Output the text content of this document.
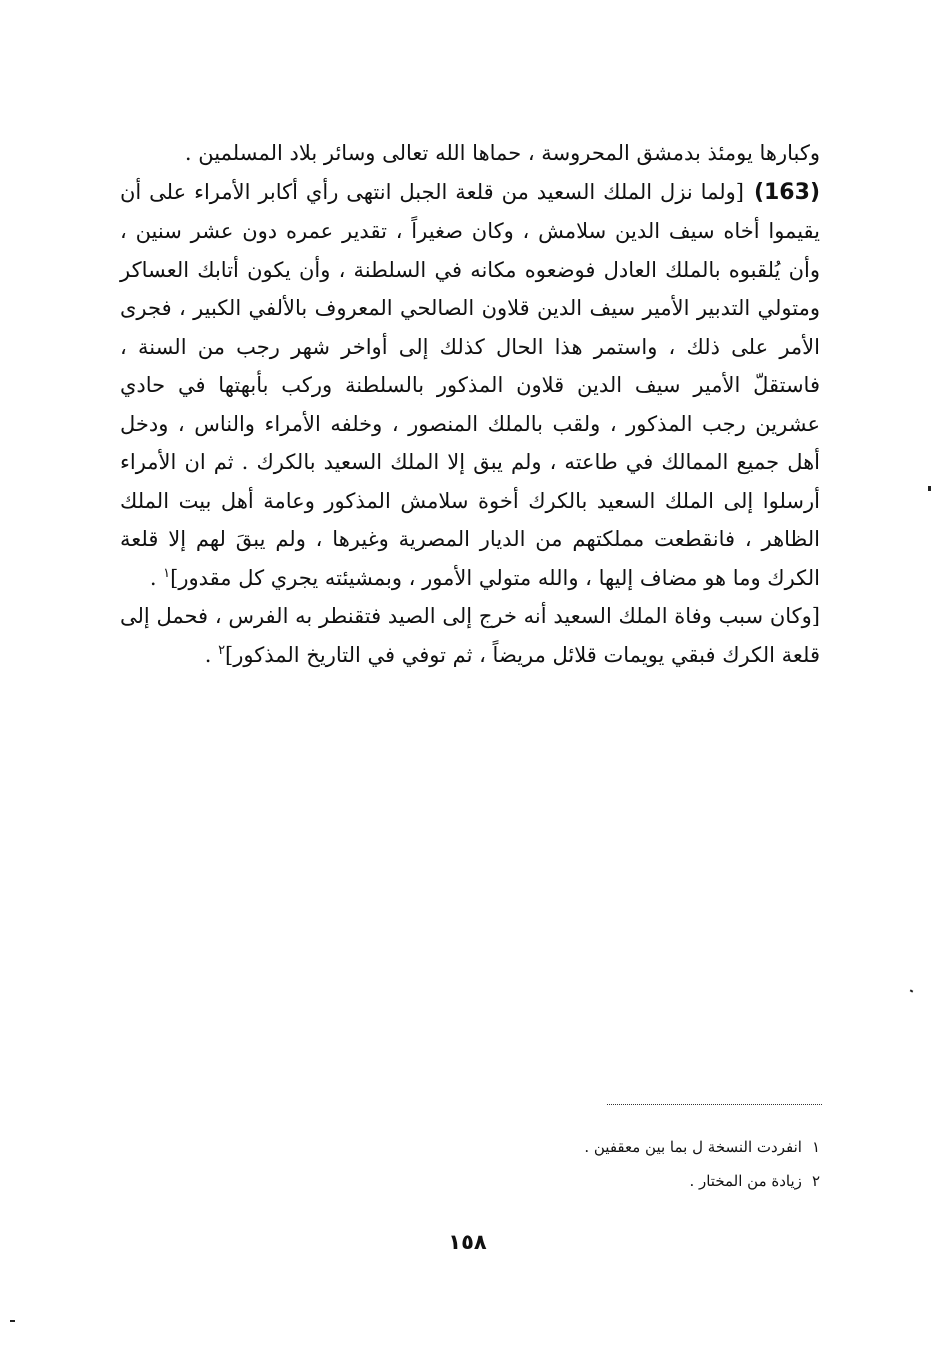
وكبارها يومئذ بدمشق المحروسة ، حماها الله تعالى وسائر بلاد المسلمين .

(163)[ولما نزل الملك السعيد من قلعة الجبل انتهى رأي أكابر الأمراء على أن يقيموا أخاه سيف الدين سلامش ، وكان صغيراً ، تقدير عمره دون عشر سنين ، وأن يُلقبوه بالملك العادل فوضعوه مكانه في السلطنة ، وأن يكون أتابك العساكر ومتولي التدبير الأمير سيف الدين قلاون الصالحي المعروف بالألفي الكبير ، فجرى الأمر على ذلك ، واستمر هذا الحال كذلك إلى أواخر شهر رجب من السنة ، فاستقلّ الأمير سيف الدين قلاون المذكور بالسلطنة وركب بأبهتها في حادي عشرين رجب المذكور ، ولقب بالملك المنصور ، وخلفه الأمراء والناس ، ودخل أهل جميع الممالك في طاعته ، ولم يبق إلا الملك السعيد بالكرك . ثم ان الأمراء أرسلوا إلى الملك السعيد بالكرك أخوة سلامش المذكور وعامة أهل بيت الملك الظاهر ، فانقطعت مملكتهم من الديار المصرية وغيرها ، ولم يبقَ لهم إلا قلعة الكرك وما هو مضاف إليها ، والله متولي الأمور ، وبمشيئته يجري كل مقدور]$^١$ .

[وكان سبب وفاة الملك السعيد أنه خرج إلى الصيد فتقنطر به الفرس ، فحمل إلى قلعة الكرك فبقي يويمات قلائل مريضاً ، ثم توفي في التاريخ المذكور]$^٢$ .

١انفردت النسخة ل بما بين معقفين .

٢زيادة من المختار .

١٥٨
